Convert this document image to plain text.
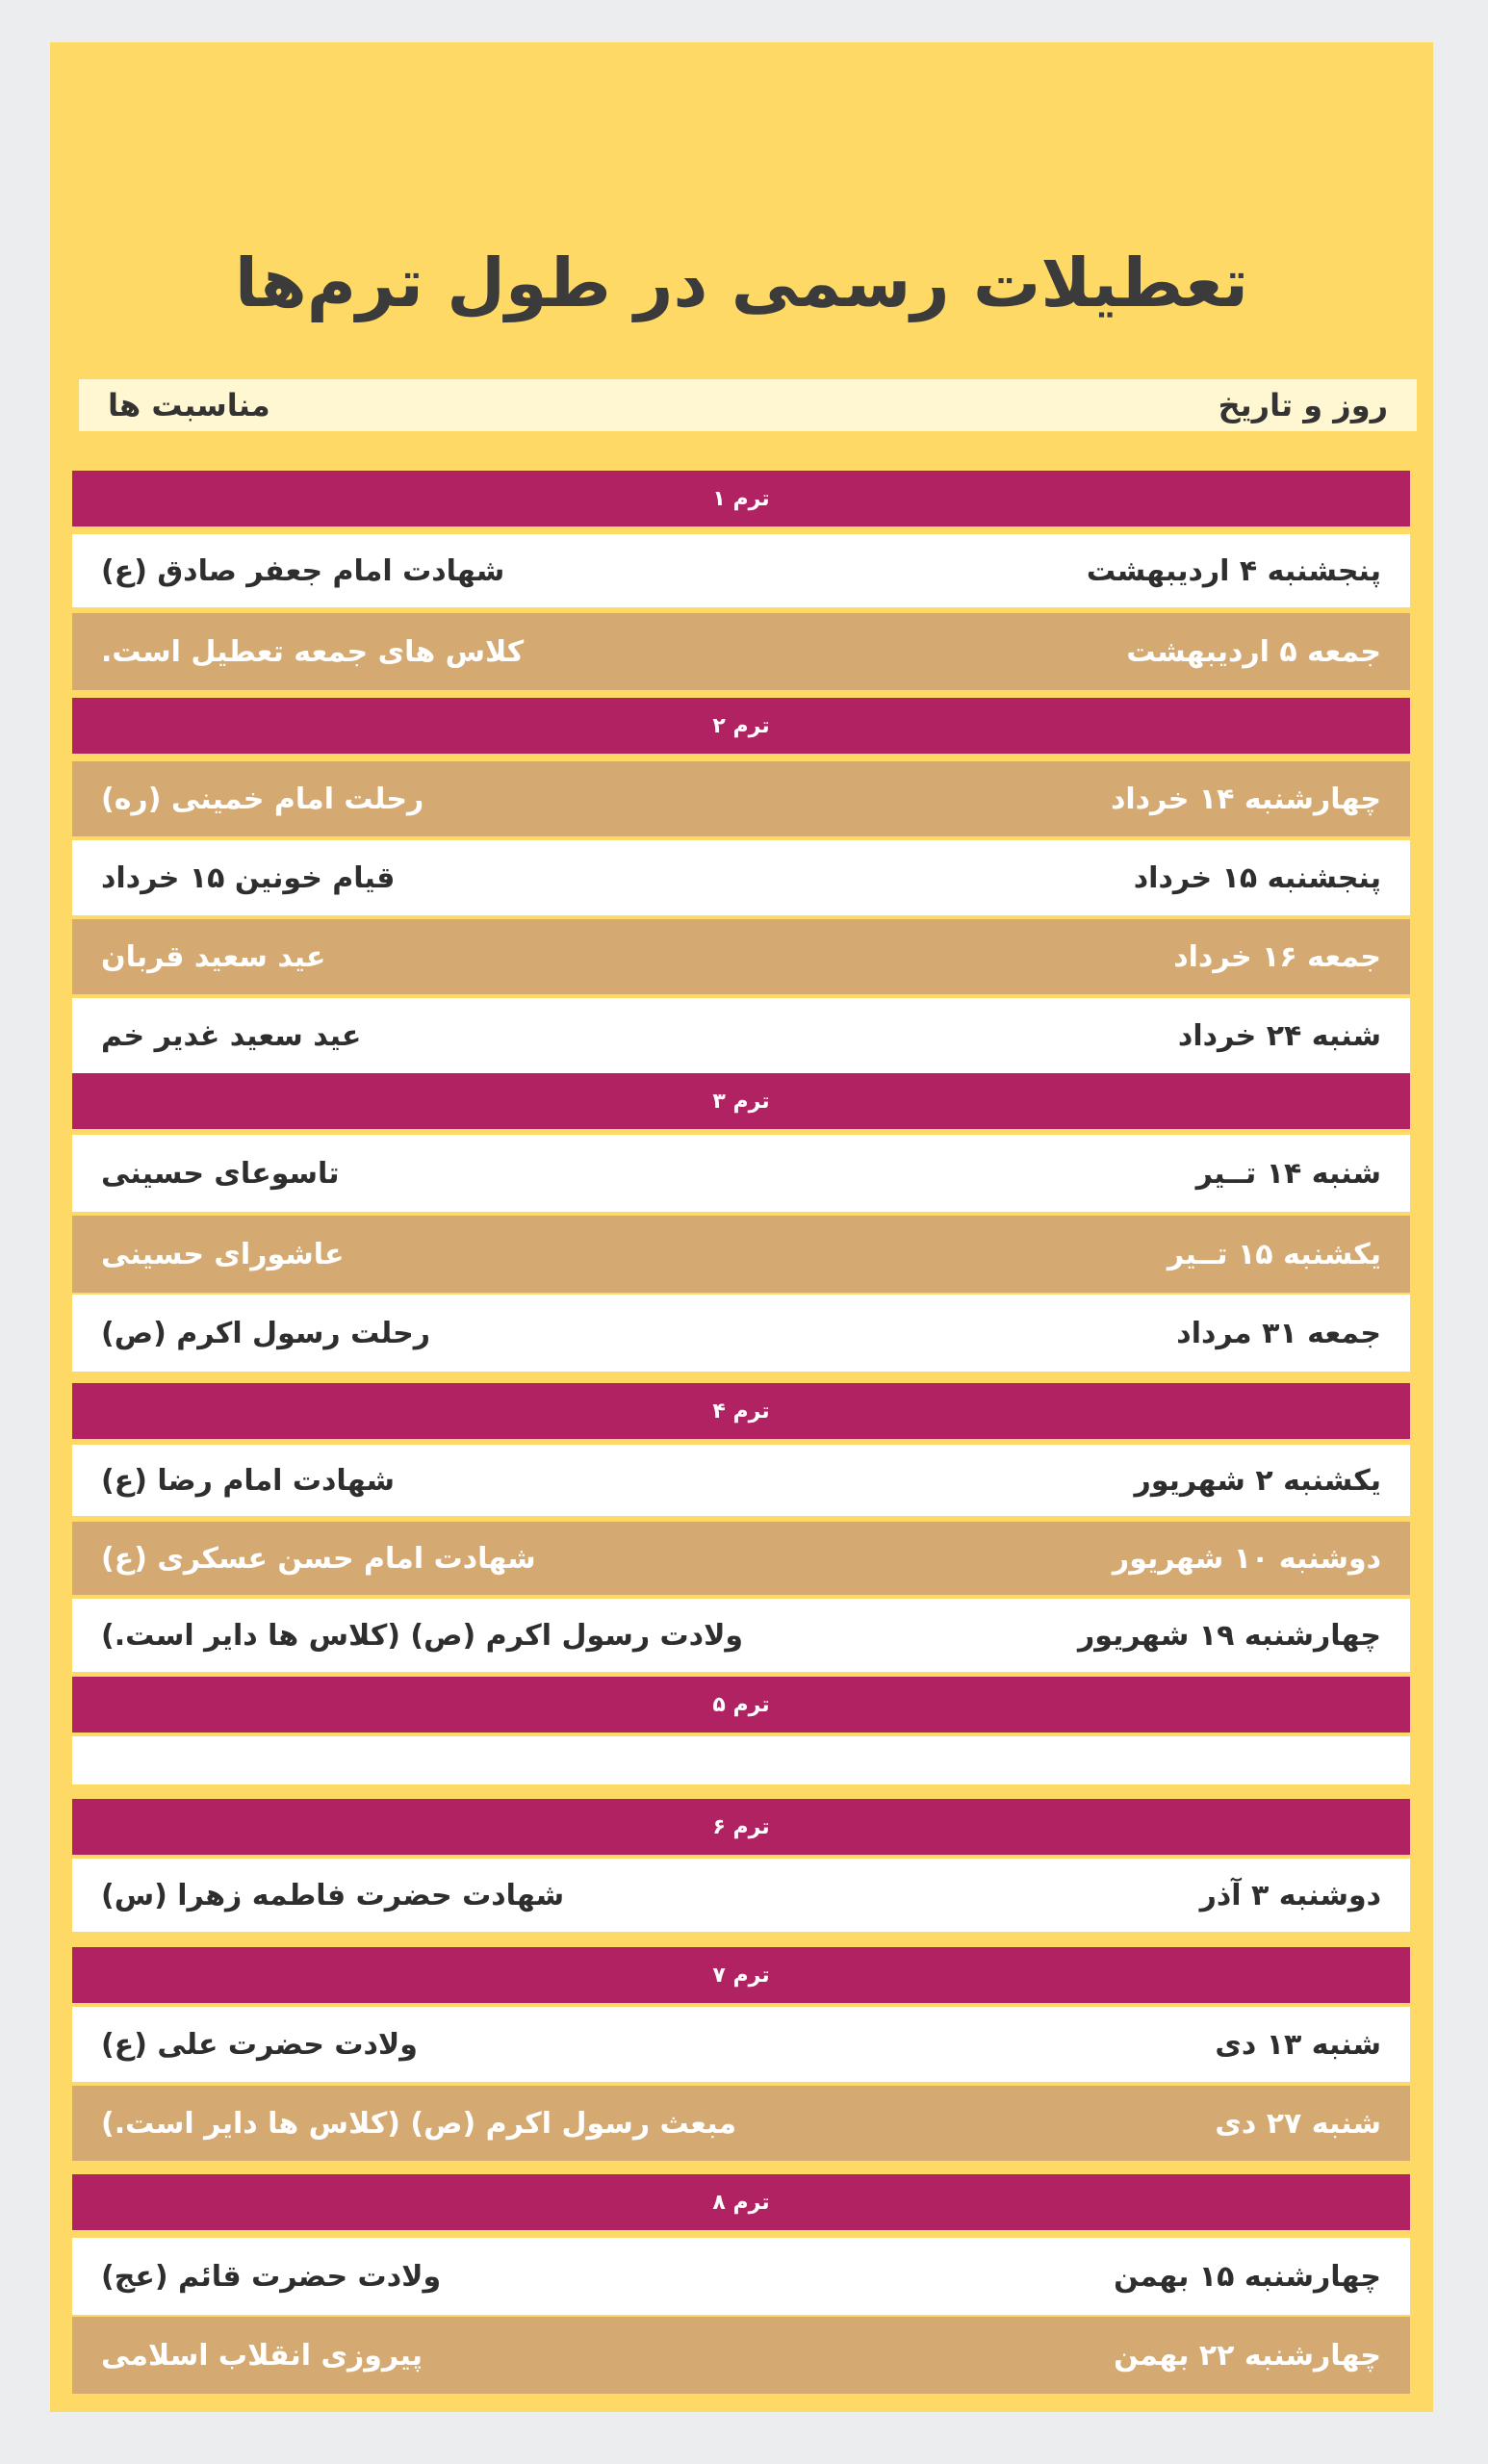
تعطیلات رسمی در طول ترم‌ها
روز و تاریخ
مناسبت ها
ترم ۱
پنجشنبه ۴ اردیبهشت
شهادت امام جعفر صادق (ع)
جمعه ۵ اردیبهشت
کلاس های جمعه تعطیل است.
ترم ۲
چهارشنبه ۱۴ خرداد
رحلت امام خمینی (ره)
پنجشنبه ۱۵ خرداد
قیام خونین ۱۵ خرداد
جمعه ۱۶ خرداد
عید سعید قربان
شنبه ۲۴ خرداد
عید سعید غدیر خم
ترم ۳
شنبه ۱۴ تــیر
تاسوعای حسینی
یکشنبه ۱۵ تــیر
عاشورای حسینی
جمعه ۳۱ مرداد
رحلت رسول اکرم (ص)
ترم ۴
یکشنبه ۲ شهریور
شهادت امام رضا (ع)
دوشنبه ۱۰ شهریور
شهادت امام حسن عسکری (ع)
چهارشنبه ۱۹ شهریور
ولادت رسول اکرم (ص) (کلاس ها دایر است.)
ترم ۵
ترم ۶
دوشنبه ۳ آذر
شهادت حضرت فاطمه زهرا (س)
ترم ۷
شنبه ۱۳ دی
ولادت حضرت علی (ع)
شنبه ۲۷ دی
مبعث رسول اکرم (ص) (کلاس ها دایر است.)
ترم ۸
چهارشنبه ۱۵ بهمن
ولادت حضرت قائم (عج)
چهارشنبه ۲۲ بهمن
پیروزی انقلاب اسلامی
